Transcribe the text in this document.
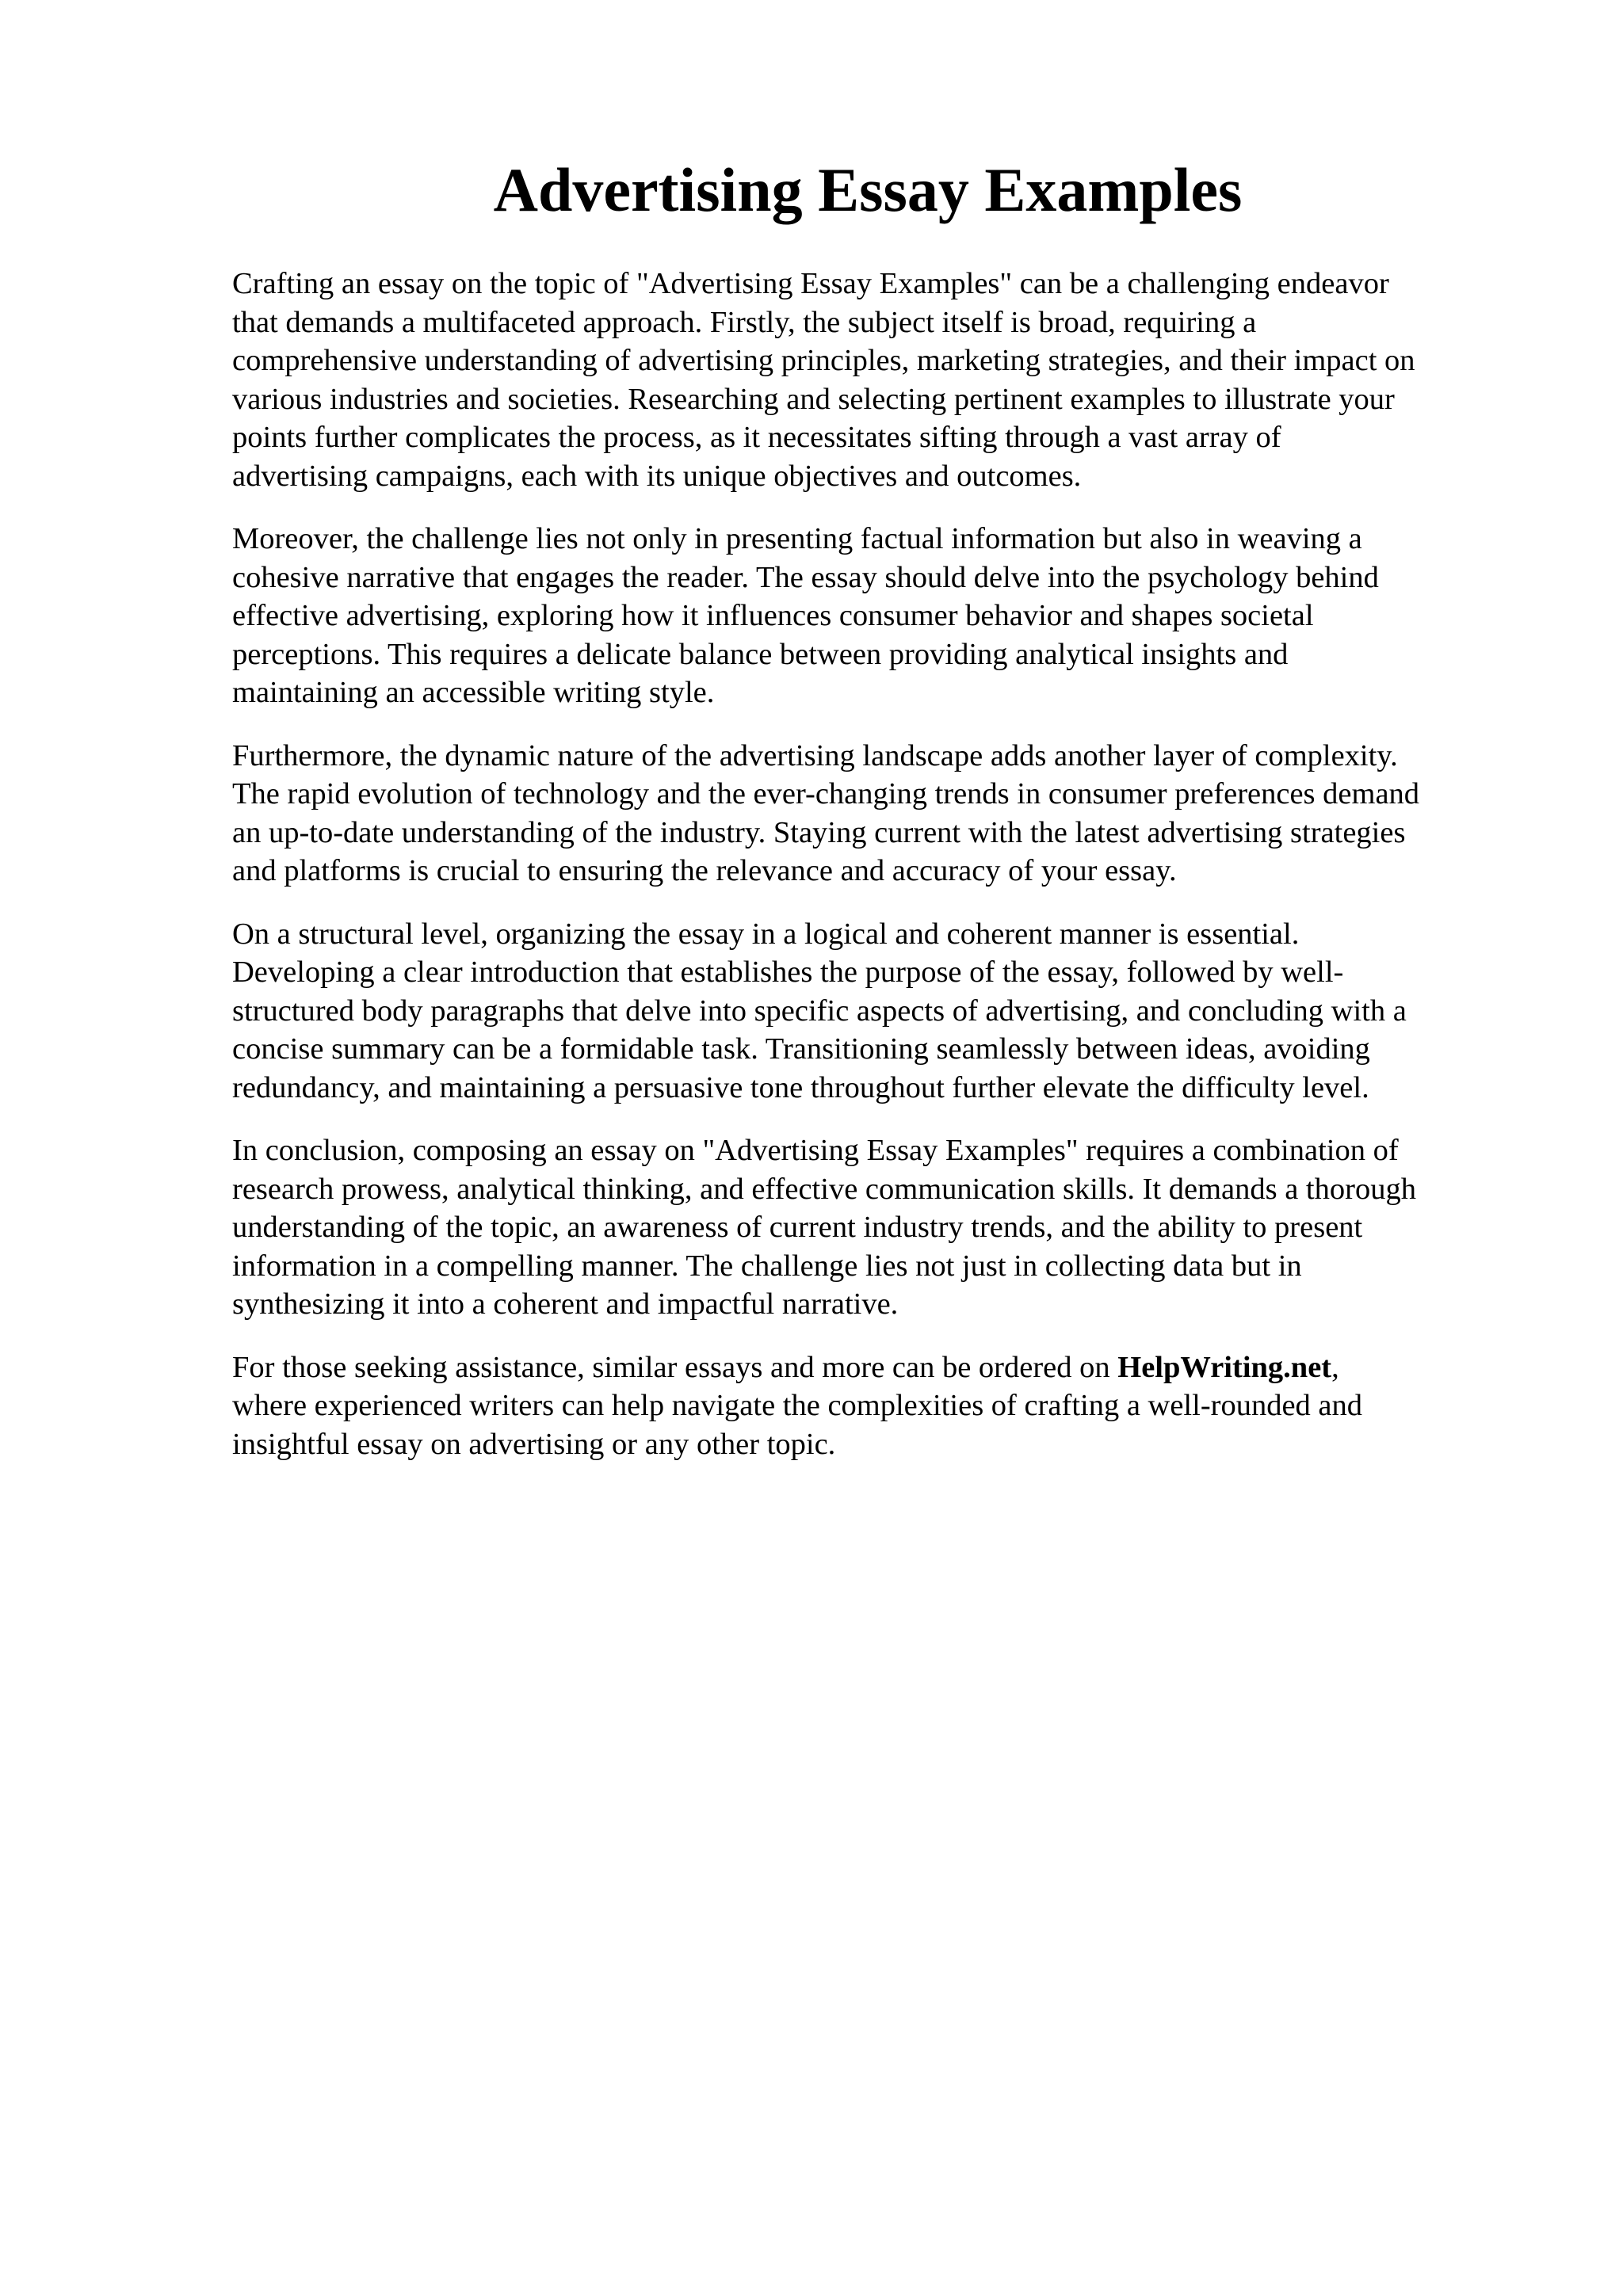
Advertising Essay Examples

Crafting an essay on the topic of "Advertising Essay Examples" can be a challenging endeavor
that demands a multifaceted approach. Firstly, the subject itself is broad, requiring a
comprehensive understanding of advertising principles, marketing strategies, and their impact on
various industries and societies. Researching and selecting pertinent examples to illustrate your
points further complicates the process, as it necessitates sifting through a vast array of
advertising campaigns, each with its unique objectives and outcomes.

Moreover, the challenge lies not only in presenting factual information but also in weaving a
cohesive narrative that engages the reader. The essay should delve into the psychology behind
effective advertising, exploring how it influences consumer behavior and shapes societal
perceptions. This requires a delicate balance between providing analytical insights and
maintaining an accessible writing style.

Furthermore, the dynamic nature of the advertising landscape adds another layer of complexity.
The rapid evolution of technology and the ever-changing trends in consumer preferences demand
an up-to-date understanding of the industry. Staying current with the latest advertising strategies
and platforms is crucial to ensuring the relevance and accuracy of your essay.

On a structural level, organizing the essay in a logical and coherent manner is essential.
Developing a clear introduction that establishes the purpose of the essay, followed by well-
structured body paragraphs that delve into specific aspects of advertising, and concluding with a
concise summary can be a formidable task. Transitioning seamlessly between ideas, avoiding
redundancy, and maintaining a persuasive tone throughout further elevate the difficulty level.

In conclusion, composing an essay on "Advertising Essay Examples" requires a combination of
research prowess, analytical thinking, and effective communication skills. It demands a thorough
understanding of the topic, an awareness of current industry trends, and the ability to present
information in a compelling manner. The challenge lies not just in collecting data but in
synthesizing it into a coherent and impactful narrative.

For those seeking assistance, similar essays and more can be ordered on HelpWriting.net,
where experienced writers can help navigate the complexities of crafting a well-rounded and
insightful essay on advertising or any other topic.
